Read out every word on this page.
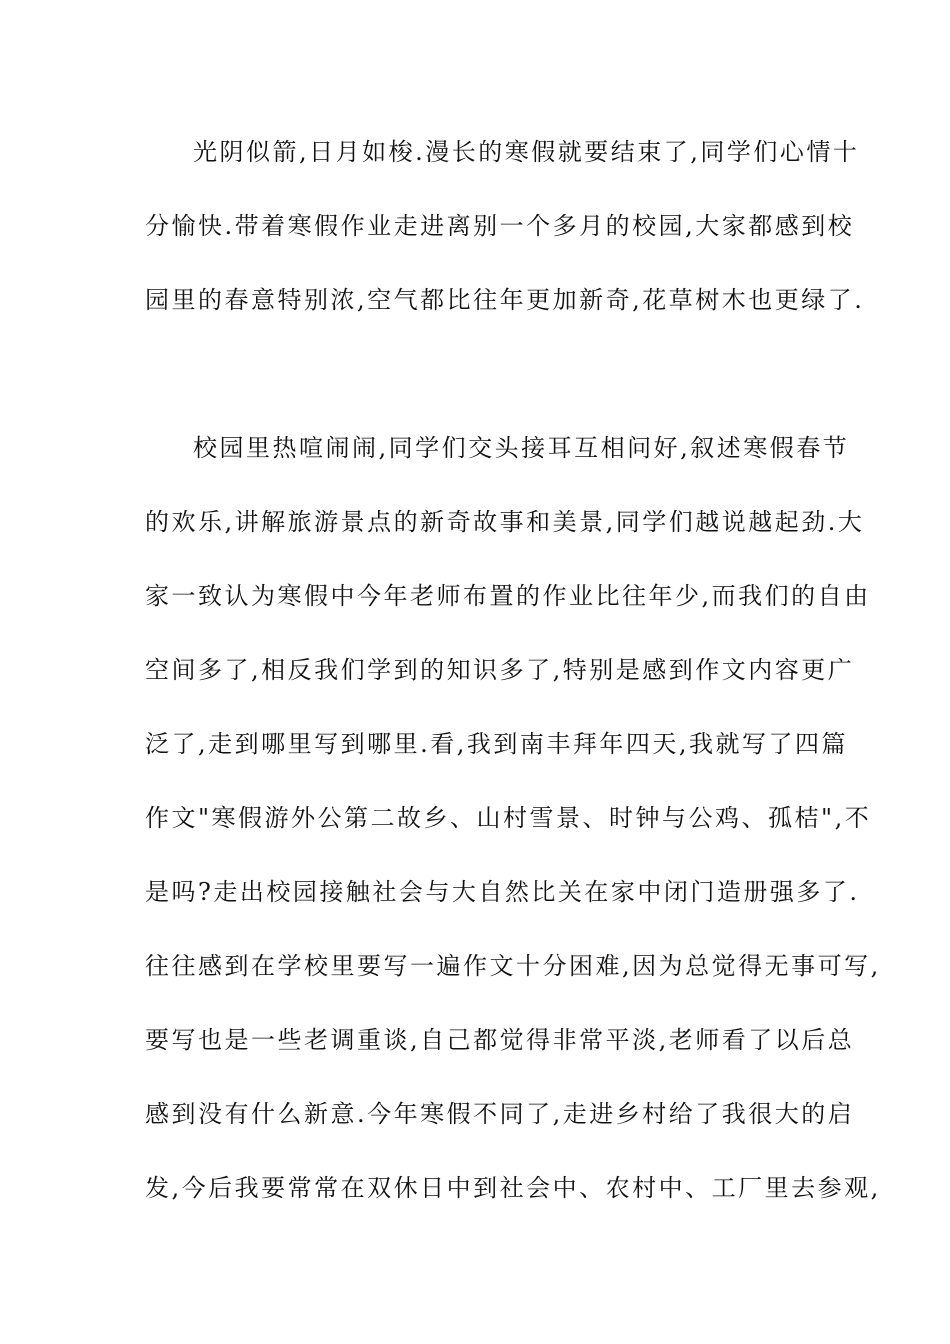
光阴似箭,日月如梭.漫长的寒假就要结束了,同学们心情十
分愉快.带着寒假作业走进离别一个多月的校园,大家都感到校
园里的春意特别浓,空气都比往年更加新奇,花草树木也更绿了.
校园里热喧闹闹,同学们交头接耳互相问好,叙述寒假春节
的欢乐,讲解旅游景点的新奇故事和美景,同学们越说越起劲.大
家一致认为寒假中今年老师布置的作业比往年少,而我们的自由
空间多了,相反我们学到的知识多了,特别是感到作文内容更广
泛了,走到哪里写到哪里.看,我到南丰拜年四天,我就写了四篇
作文"寒假游外公第二故乡、山村雪景、时钟与公鸡、孤桔",不
是吗?走出校园接触社会与大自然比关在家中闭门造册强多了.
往往感到在学校里要写一遍作文十分困难,因为总觉得无事可写,
要写也是一些老调重谈,自己都觉得非常平淡,老师看了以后总
感到没有什么新意.今年寒假不同了,走进乡村给了我很大的启
发,今后我要常常在双休日中到社会中、农村中、工厂里去参观,
